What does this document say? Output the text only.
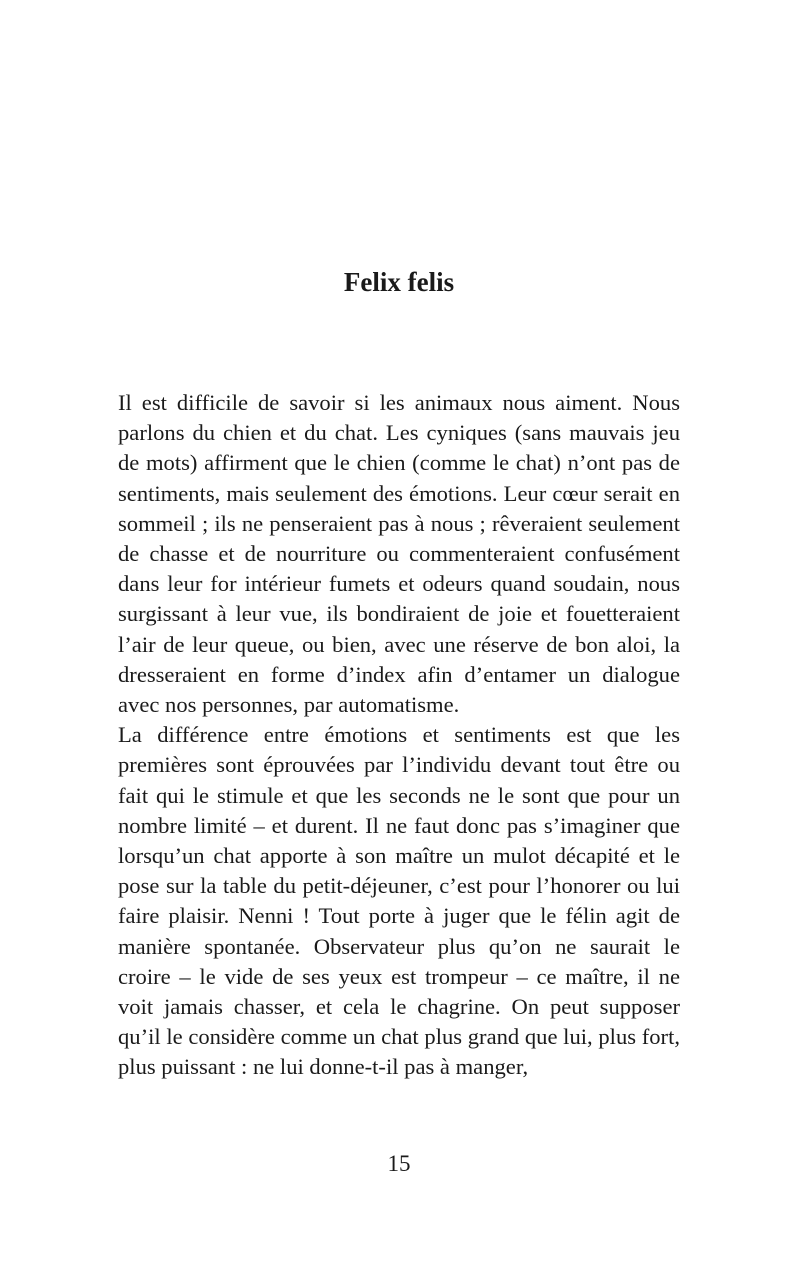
Felix felis

Il est difficile de savoir si les animaux nous aiment. Nous parlons du chien et du chat. Les cyniques (sans mauvais jeu de mots) affirment que le chien (comme le chat) n’ont pas de sentiments, mais seulement des émotions. Leur cœur serait en sommeil ; ils ne penseraient pas à nous ; rêveraient seulement de chasse et de nourriture ou commenteraient confusément dans leur for intérieur fumets et odeurs quand soudain, nous surgissant à leur vue, ils bondiraient de joie et fouetteraient l’air de leur queue, ou bien, avec une réserve de bon aloi, la dresseraient en forme d’index afin d’entamer un dialogue avec nos personnes, par automatisme.

La différence entre émotions et sentiments est que les premières sont éprouvées par l’individu devant tout être ou fait qui le stimule et que les seconds ne le sont que pour un nombre limité – et durent. Il ne faut donc pas s’imaginer que lorsqu’un chat apporte à son maître un mulot décapité et le pose sur la table du petit-déjeuner, c’est pour l’honorer ou lui faire plaisir. Nenni ! Tout porte à juger que le félin agit de manière spontanée. Observateur plus qu’on ne saurait le croire – le vide de ses yeux est trompeur – ce maître, il ne voit jamais chasser, et cela le chagrine. On peut supposer qu’il le considère comme un chat plus grand que lui, plus fort, plus puissant : ne lui donne-t-il pas à manger,

15
